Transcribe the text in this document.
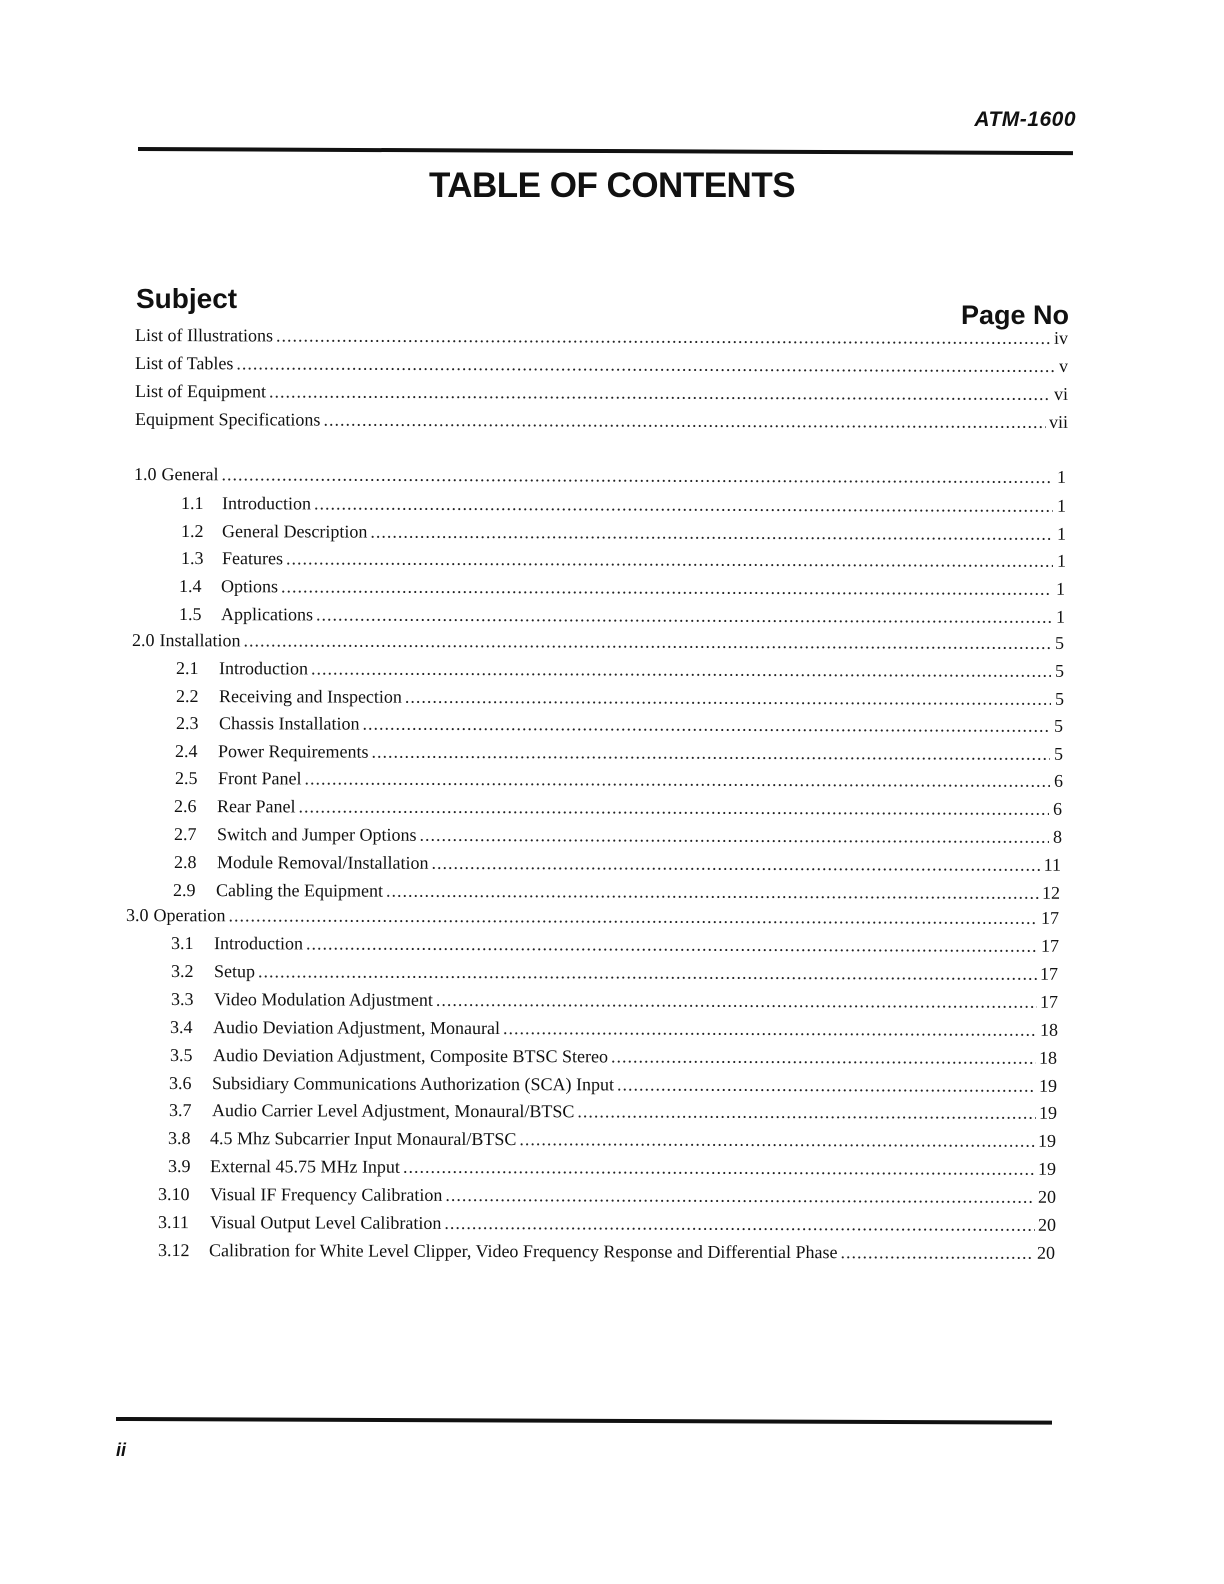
ATM-1600
TABLE OF CONTENTS
Subject
Page No
List of Illustrations .....	iv
List of Tables .....	v
List of Equipment .....	vi
Equipment Specifications .....	vii
1.0 General .....	1
1.1	Introduction .....	1
1.2	General Description .....	1
1.3	Features .....	1
1.4	Options .....	1
1.5	Applications .....	1
2.0 Installation .....	5
2.1	Introduction .....	5
2.2	Receiving and Inspection .....	5
2.3	Chassis Installation .....	5
2.4	Power Requirements .....	5
2.5	Front Panel .....	6
2.6	Rear Panel .....	6
2.7	Switch and Jumper Options .....	8
2.8	Module Removal/Installation .....	11
2.9	Cabling the Equipment .....	12
3.0 Operation .....	17
3.1	Introduction .....	17
3.2	Setup .....	17
3.3	Video Modulation Adjustment .....	17
3.4	Audio Deviation Adjustment, Monaural .....	18
3.5	Audio Deviation Adjustment, Composite BTSC Stereo .....	18
3.6	Subsidiary Communications Authorization (SCA) Input .....	19
3.7	Audio Carrier Level Adjustment, Monaural/BTSC .....	19
3.8	4.5 Mhz Subcarrier Input Monaural/BTSC .....	19
3.9	External 45.75 MHz Input .....	19
3.10	Visual IF Frequency Calibration .....	20
3.11	Visual Output Level Calibration .....	20
3.12	Calibration for White Level Clipper, Video Frequency Response and Differential Phase .....	20
ii
